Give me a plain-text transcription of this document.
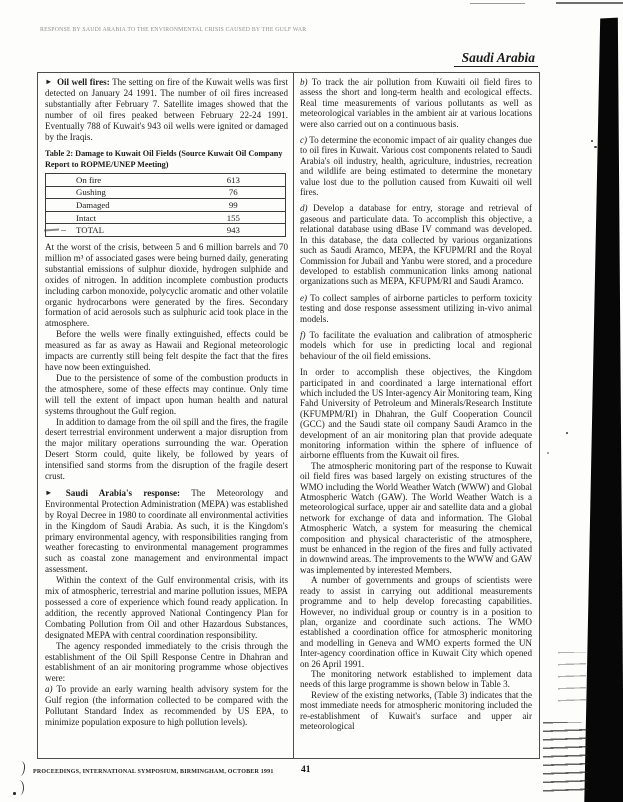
RESPONSE BY SAUDI ARABIA TO THE ENVIRONMENTAL CRISIS CAUSED BY THE GULF WAR
Saudi Arabia

► Oil well fires: The setting on fire of the Kuwait wells was first detected on January 24 1991. The number of oil fires increased substantially after February 7. Satellite images showed that the number of oil fires peaked between February 22-24 1991. Eventually 788 of Kuwait's 943 oil wells were ignited or damaged by the Iraqis.

Table 2: Damage to Kuwait Oil Fields (Source Kuwait Oil Company Report to ROPME/UNEP Meeting)

On fire	613
Gushing	76
Damaged	99
Intact	155
TOTAL	943

At the worst of the crisis, between 5 and 6 million barrels and 70 million m³ of associated gases were being burned daily, generating substantial emissions of sulphur dioxide, hydrogen sulphide and oxides of nitrogen. In addition incomplete combustion products including carbon monoxide, polycyclic aromatic and other volatile organic hydrocarbons were generated by the fires. Secondary formation of acid aerosols such as sulphuric acid took place in the atmosphere.

Before the wells were finally extinguished, effects could be measured as far as away as Hawaii and Regional meteorologic impacts are currently still being felt despite the fact that the fires have now been extinguished.

Due to the persistence of some of the combustion products in the atmosphere, some of these effects may continue. Only time will tell the extent of impact upon human health and natural systems throughout the Gulf region.

In addition to damage from the oil spill and the fires, the fragile desert terrestrial environment underwent a major disruption from the major military operations surrounding the war. Operation Desert Storm could, quite likely, be followed by years of intensified sand storms from the disruption of the fragile desert crust.

► Saudi Arabia's response: The Meteorology and Environmental Protection Administration (MEPA) was established by Royal Decree in 1980 to coordinate all environmental activities in the Kingdom of Saudi Arabia. As such, it is the Kingdom's primary environmental agency, with responsibilities ranging from weather forecasting to environmental management programmes such as coastal zone management and environmental impact assessment.

Within the context of the Gulf environmental crisis, with its mix of atmospheric, terrestrial and marine pollution issues, MEPA possessed a core of experience which found ready application. In addition, the recently approved National Contingency Plan for Combating Pollution from Oil and other Hazardous Substances, designated MEPA with central coordination responsibility.

The agency responded immediately to the crisis through the establishment of the Oil Spill Response Centre in Dhahran and establishment of an air monitoring programme whose objectives were:

a) To provide an early warning health advisory system for the Gulf region (the information collected to be compared with the Pollutant Standard Index as recommended by US EPA, to minimize population exposure to high pollution levels).

b) To track the air pollution from Kuwaiti oil field fires to assess the short and long-term health and ecological effects. Real time measurements of various pollutants as well as meteorological variables in the ambient air at various locations were also carried out on a continuous basis.

c) To determine the economic impact of air quality changes due to oil fires in Kuwait. Various cost components related to Saudi Arabia's oil industry, health, agriculture, industries, recreation and wildlife are being estimated to determine the monetary value lost due to the pollution caused from Kuwaiti oil well fires.

d) Develop a database for entry, storage and retrieval of gaseous and particulate data. To accomplish this objective, a relational database using dBase IV command was developed. In this database, the data collected by various organizations such as Saudi Aramco, MEPA, the KFUPM/RI and the Royal Commission for Jubail and Yanbu were stored, and a procedure developed to establish communication links among national organizations such as MEPA, KFUPM/RI and Saudi Aramco.

e) To collect samples of airborne particles to perform toxicity testing and dose response assessment utilizing in-vivo animal models.

f) To facilitate the evaluation and calibration of atmospheric models which for use in predicting local and regional behaviour of the oil field emissions.

In order to accomplish these objectives, the Kingdom participated in and coordinated a large international effort which included the US Inter-agency Air Monitoring team, King Fahd University of Petroleum and Minerals/Research Institute (KFUMPM/RI) in Dhahran, the Gulf Cooperation Council (GCC) and the Saudi state oil company Saudi Aramco in the development of an air monitoring plan that provide adequate monitoring information within the sphere of influence of airborne effluents from the Kuwait oil fires.

The atmospheric monitoring part of the response to Kuwait oil field fires was based largely on existing structures of the WMO including the World Weather Watch (WWW) and Global Atmospheric Watch (GAW). The World Weather Watch is a meteorological surface, upper air and satellite data and a global network for exchange of data and information. The Global Atmospheric Watch, a system for measuring the chemical composition and physical characteristic of the atmosphere, must be enhanced in the region of the fires and fully activated in downwind areas. The improvements to the WWW and GAW was implemented by interested Members.

A number of governments and groups of scientists were ready to assist in carrying out additional measurements programme and to help develop forecasting capabilities. However, no individual group or country is in a position to plan, organize and coordinate such actions. The WMO established a coordination office for atmospheric monitoring and modelling in Geneva and WMO experts formed the UN Inter-agency coordination office in Kuwait City which opened on 26 April 1991.

The monitoring network established to implement data needs of this large programme is shown below in Table 3.

Review of the existing networks, (Table 3) indicates that the most immediate needs for atmospheric monitoring included the re-establishment of Kuwait's surface and upper air meteorological

PROCEEDINGS, INTERNATIONAL SYMPOSIUM, BIRMINGHAM, OCTOBER 1991	41
